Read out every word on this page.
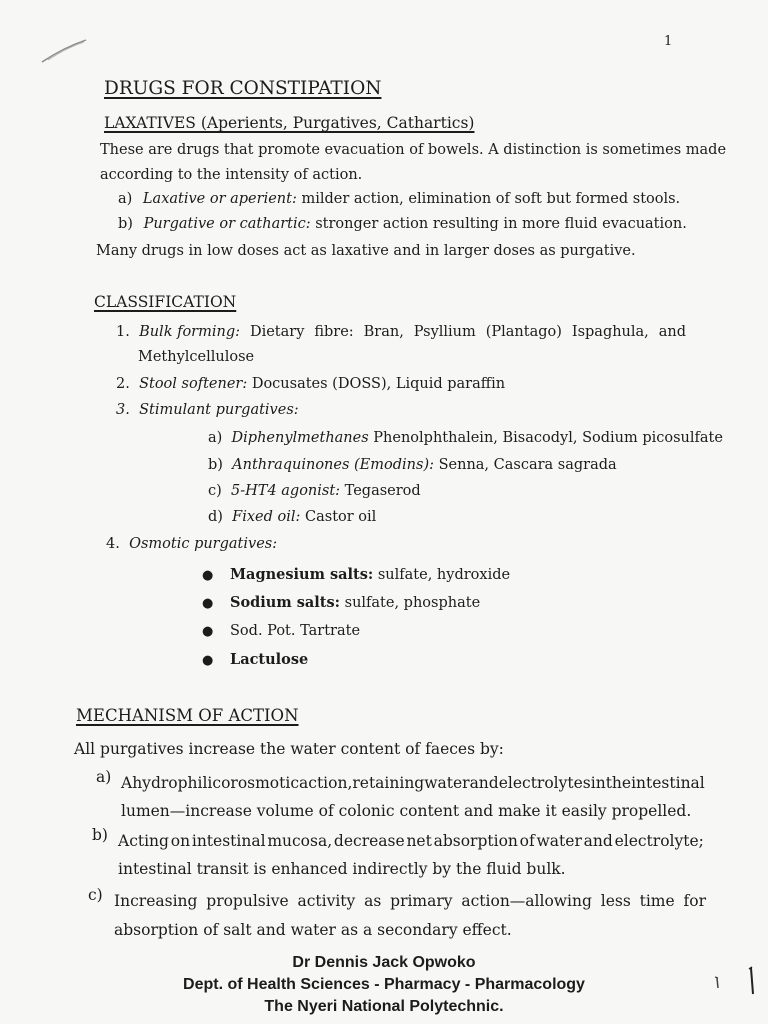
1
DRUGS FOR CONSTIPATION
LAXATIVES (Aperients, Purgatives, Cathartics)
These are drugs that promote evacuation of bowels. A distinction is sometimes made
according to the intensity of action.
a) Laxative or aperient: milder action, elimination of soft but formed stools.
b) Purgative or cathartic: stronger action resulting in more fluid evacuation.
Many drugs in low doses act as laxative and in larger doses as purgative.
CLASSIFICATION
1. Bulk forming: Dietary fibre: Bran, Psyllium (Plantago) Ispaghula, and
Methylcellulose
2. Stool softener: Docusates (DOSS), Liquid paraffin
3. Stimulant purgatives:
a) Diphenylmethanes Phenolphthalein, Bisacodyl, Sodium picosulfate
b) Anthraquinones (Emodins): Senna, Cascara sagrada
c) 5-HT4 agonist: Tegaserod
d) Fixed oil: Castor oil
4. Osmotic purgatives:
● Magnesium salts: sulfate, hydroxide
● Sodium salts: sulfate, phosphate
● Sod. Pot. Tartrate
● Lactulose
MECHANISM OF ACTION
All purgatives increase the water content of faeces by:
a) A hydrophilic or osmotic action, retaining water and electrolytes in the intestinal
lumen—increase volume of colonic content and make it easily propelled.
b) Acting on intestinal mucosa, decrease net absorption of water and electrolyte;
intestinal transit is enhanced indirectly by the fluid bulk.
c) Increasing propulsive activity as primary action—allowing less time for
absorption of salt and water as a secondary effect.
Dr Dennis Jack Opwoko
Dept. of Health Sciences - Pharmacy - Pharmacology
The Nyeri National Polytechnic.
